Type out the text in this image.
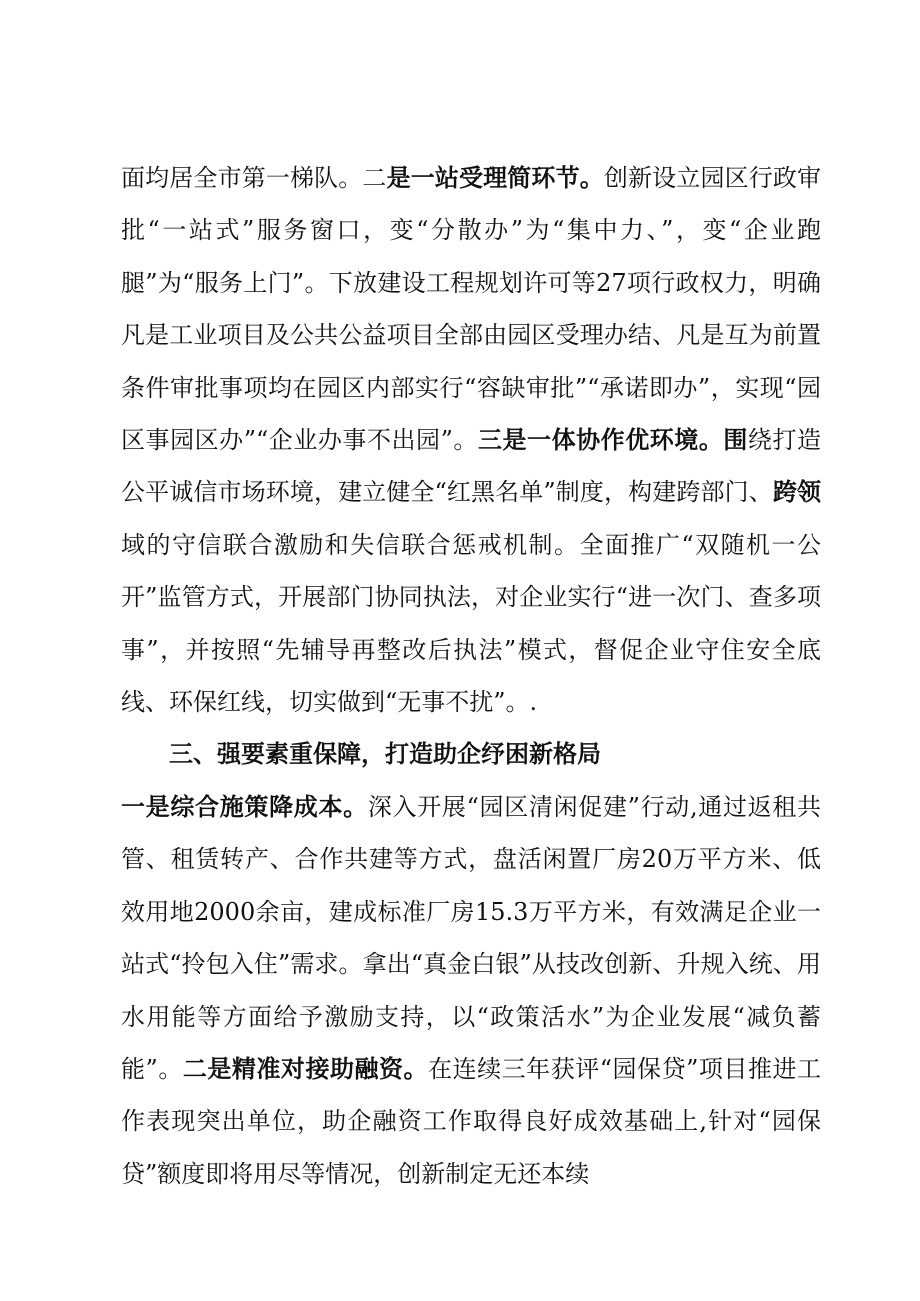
面均居全市第一梯队。二是一站受理简环节。创新设立园区行政审批“一站式”服务窗口，变“分散办”为“集中力、”，变“企业跑腿”为“服务上门”。下放建设工程规划许可等27项行政权力，明确凡是工业项目及公共公益项目全部由园区受理办结、凡是互为前置条件审批事项均在园区内部实行“容缺审批”“承诺即办”，实现“园区事园区办”“企业办事不出园”。三是一体协作优环境。围绕打造公平诚信市场环境，建立健全“红黑名单”制度，构建跨部门、跨领域的守信联合激励和失信联合惩戒机制。全面推广“双随机一公开”监管方式，开展部门协同执法，对企业实行“进一次门、查多项事”，并按照“先辅导再整改后执法”模式，督促企业守住安全底线、环保红线，切实做到“无事不扰”。.

三、强要素重保障，打造助企纾困新格局

一是综合施策降成本。深入开展“园区清闲促建”行动,通过返租共管、租赁转产、合作共建等方式，盘活闲置厂房20万平方米、低效用地2000余亩，建成标准厂房15.3万平方米，有效满足企业一站式“拎包入住”需求。拿出“真金白银”从技改创新、升规入统、用水用能等方面给予激励支持，以“政策活水”为企业发展“减负蓄能”。二是精准对接助融资。在连续三年获评“园保贷”项目推进工作表现突出单位，助企融资工作取得良好成效基础上,针对“园保贷”额度即将用尽等情况，创新制定无还本续
